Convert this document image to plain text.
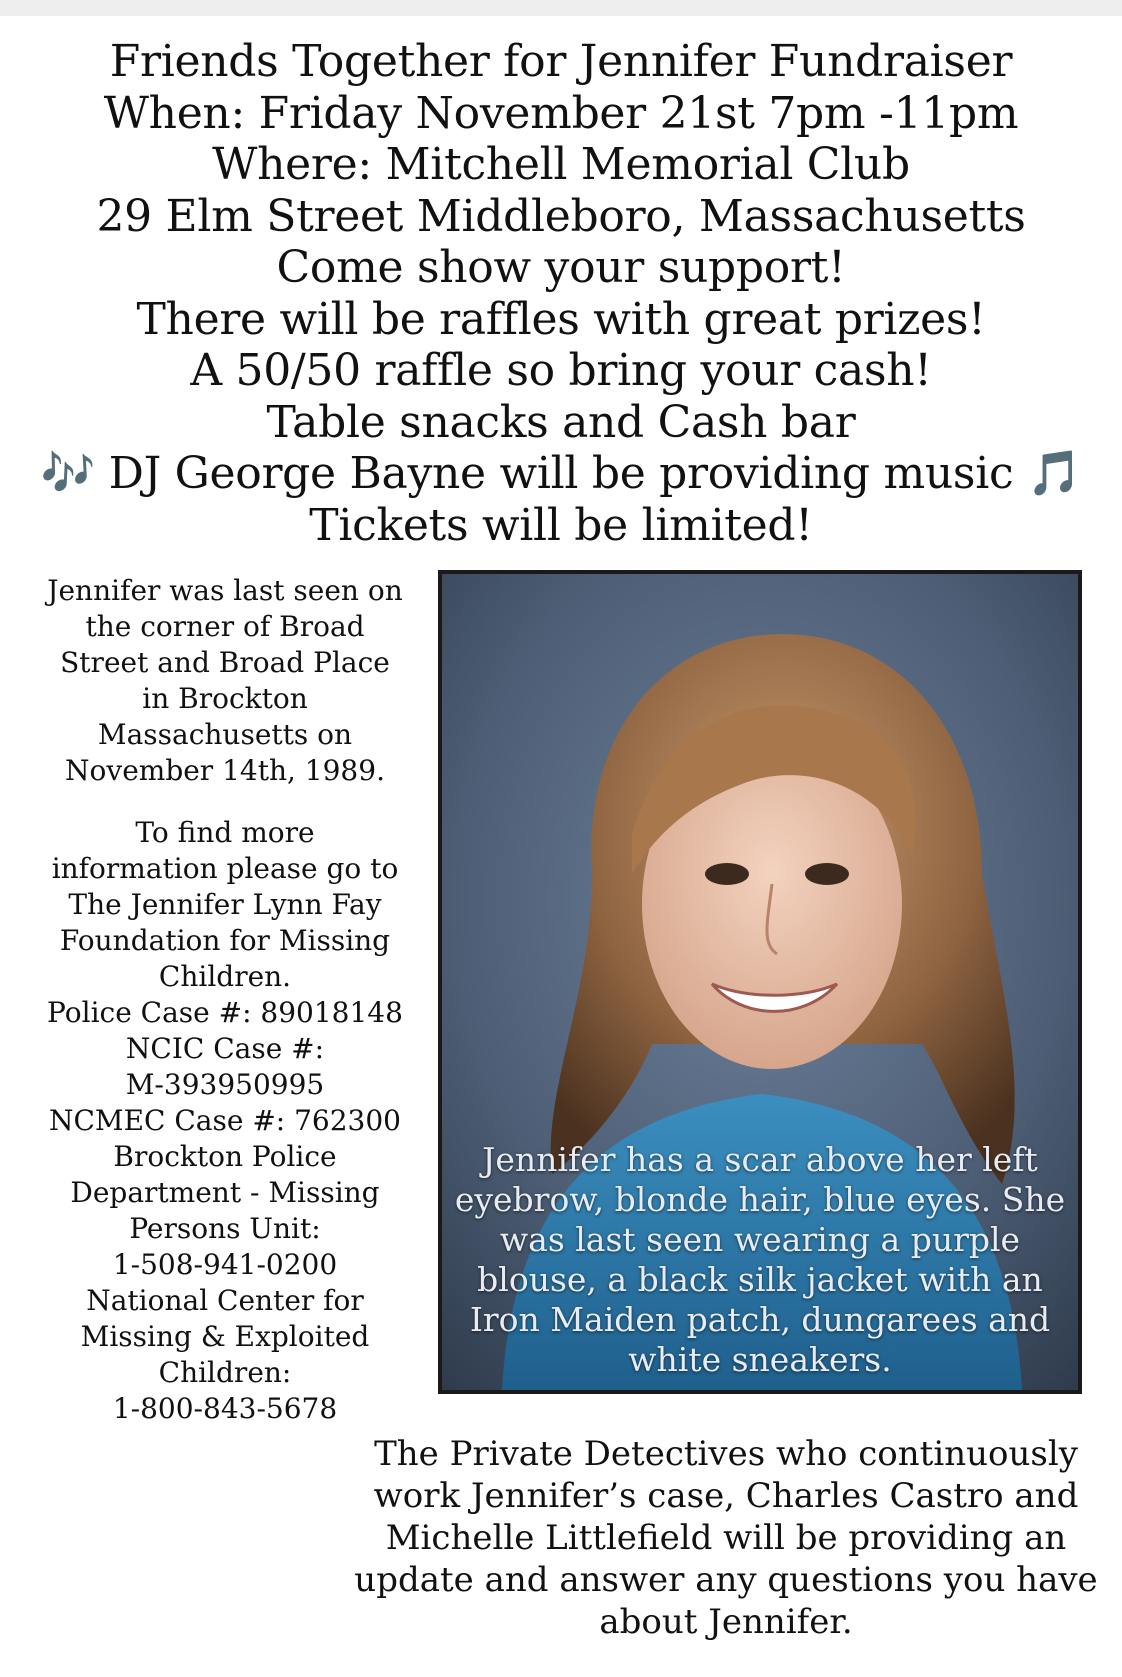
Friends Together for Jennifer Fundraiser
When: Friday November 21st 7pm -11pm
Where: Mitchell Memorial Club
29 Elm Street Middleboro, Massachusetts
Come show your support!
There will be raffles with great prizes!
A 50/50 raffle so bring your cash!
Table snacks and Cash bar
🎶 DJ George Bayne will be providing music 🎵
Tickets will be limited!
Jennifer was last seen on
the corner of Broad
Street and Broad Place
in Brockton
Massachusetts on
November 14th, 1989.
To find more
information please go to
The Jennifer Lynn Fay
Foundation for Missing
Children.
Police Case #: 89018148
NCIC Case #:
M-393950995
NCMEC Case #: 762300
Brockton Police
Department - Missing
Persons Unit:
1-508-941-0200
National Center for
Missing & Exploited
Children:
1-800-843-5678
Jennifer has a scar above her left
eyebrow, blonde hair, blue eyes. She
was last seen wearing a purple
blouse, a black silk jacket with an
Iron Maiden patch, dungarees and
white sneakers.
The Private Detectives who continuously
work Jennifer’s case, Charles Castro and
Michelle Littlefield will be providing an
update and answer any questions you have
about Jennifer.
